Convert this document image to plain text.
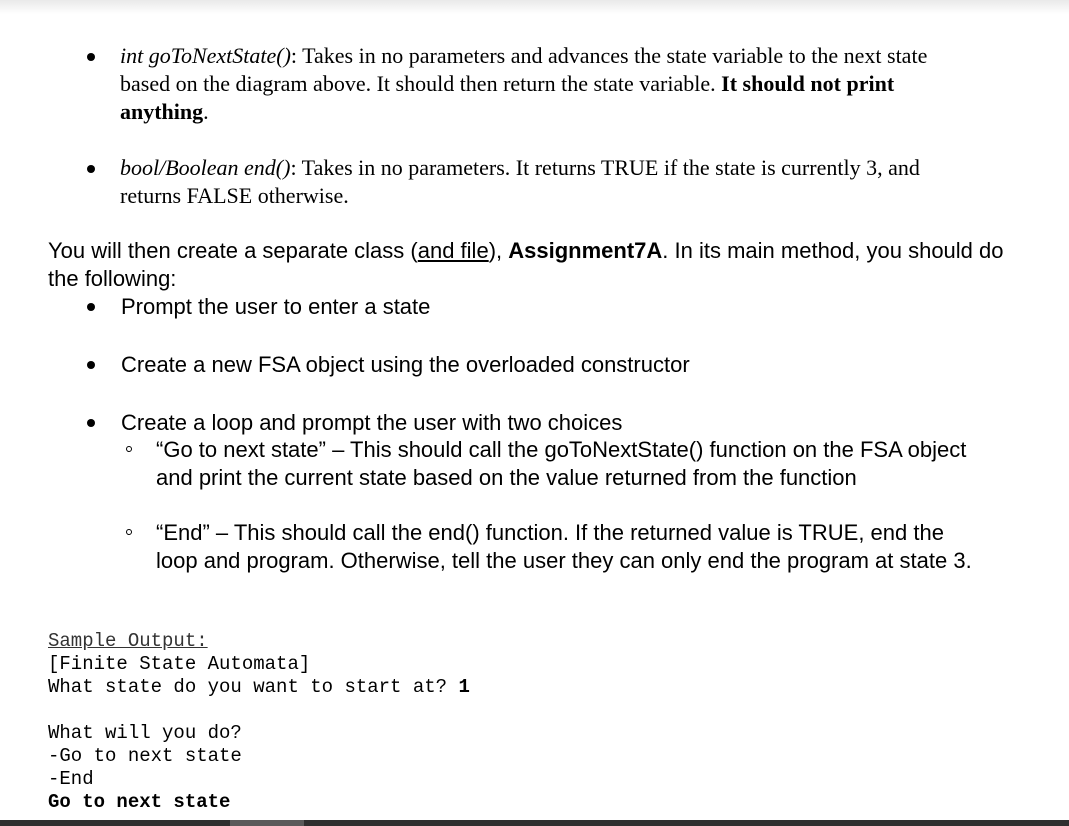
int goToNextState(): Takes in no parameters and advances the state variable to the next state based on the diagram above. It should then return the state variable. It should not print anything.
bool/Boolean end(): Takes in no parameters. It returns TRUE if the state is currently 3, and returns FALSE otherwise.
You will then create a separate class (and file), Assignment7A. In its main method, you should do the following:
Prompt the user to enter a state
Create a new FSA object using the overloaded constructor
Create a loop and prompt the user with two choices
“Go to next state” – This should call the goToNextState() function on the FSA object and print the current state based on the value returned from the function
“End” – This should call the end() function. If the returned value is TRUE, end the loop and program. Otherwise, tell the user they can only end the program at state 3.
Sample Output:
[Finite State Automata]
What state do you want to start at? 1
What will you do?
-Go to next state
-End
Go to next state
